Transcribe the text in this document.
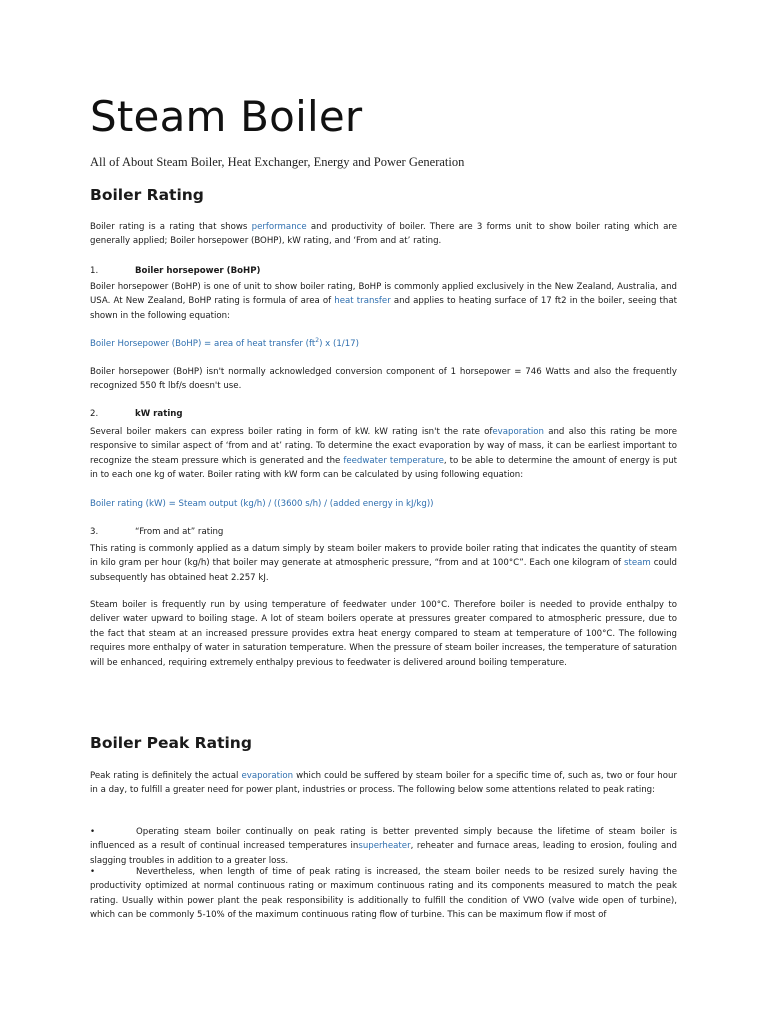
Steam Boiler
All of About Steam Boiler, Heat Exchanger, Energy and Power Generation
Boiler Rating

Boiler rating is a rating that shows performance and productivity of boiler. There are 3 forms unit to show boiler rating which are generally applied; Boiler horsepower (BOHP), kW rating, and ‘From and at’ rating.

1.	Boiler horsepower (BoHP)

Boiler horsepower (BoHP) is one of unit to show boiler rating, BoHP is commonly applied exclusively in the New Zealand, Australia, and USA. At New Zealand, BoHP rating is formula of area of heat transfer and applies to heating surface of 17 ft2 in the boiler, seeing that shown in the following equation:

Boiler Horsepower (BoHP) = area of heat transfer $(ft^2)$ x (1/17)

Boiler horsepower (BoHP) isn't normally acknowledged conversion component of 1 horsepower = 746 Watts and also the frequently recognized 550 ft lbf/s doesn't use.

2.	kW rating

Several boiler makers can express boiler rating in form of kW. kW rating isn't the rate ofevaporation and also this rating be more responsive to similar aspect of ‘from and at’ rating. To determine the exact evaporation by way of mass, it can be earliest important to recognize the steam pressure which is generated and the feedwater temperature, to be able to determine the amount of energy is put in to each one kg of water. Boiler rating with kW form can be calculated by using following equation:

Boiler rating (kW) = Steam output (kg/h) / ((3600 s/h) / (added energy in kJ/kg))
3.	“From and at” rating

This rating is commonly applied as a datum simply by steam boiler makers to provide boiler rating that indicates the quantity of steam in kilo gram per hour (kg/h) that boiler may generate at atmospheric pressure, “from and at 100°C”. Each one kilogram of steam could subsequently has obtained heat 2.257 kJ.

Steam boiler is frequently run by using temperature of feedwater under 100°C. Therefore boiler is needed to provide enthalpy to deliver water upward to boiling stage. A lot of steam boilers operate at pressures greater compared to atmospheric pressure, due to the fact that steam at an increased pressure provides extra heat energy compared to steam at temperature of 100°C. The following requires more enthalpy of water in saturation temperature. When the pressure of steam boiler increases, the temperature of saturation will be enhanced, requiring extremely enthalpy previous to feedwater is delivered around boiling temperature.

Boiler Peak Rating

Peak rating is definitely the actual evaporation which could be suffered by steam boiler for a specific time of, such as, two or four hour in a day, to fulfill a greater need for power plant, industries or process. The following below some attentions related to peak rating:

•	Operating steam boiler continually on peak rating is better prevented simply because the lifetime of steam boiler is influenced as a result of continual increased temperatures insuperheater, reheater and furnace areas, leading to erosion, fouling and slagging troubles in addition to a greater loss.

•	Nevertheless, when length of time of peak rating is increased, the steam boiler needs to be resized surely having the productivity optimized at normal continuous rating or maximum continuous rating and its components measured to match the peak rating. Usually within power plant the peak responsibility is additionally to fulfill the condition of VWO (valve wide open of turbine), which can be commonly 5-10% of the maximum continuous rating flow of turbine. This can be maximum flow if most of
